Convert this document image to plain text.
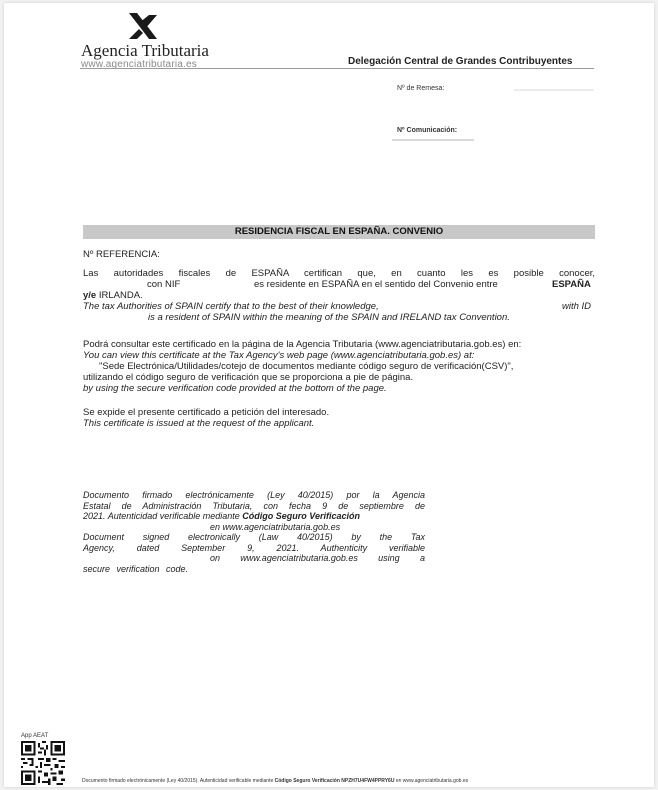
Agencia Tributaria
www.agenciatributaria.es	Delegación Central de Grandes Contribuyentes
Nº de Remesa:
Nº Comunicación:
RESIDENCIA FISCAL EN ESPAÑA. CONVENIO
Nº REFERENCIA:
Las autoridades fiscales de ESPAÑA certifican que, en cuanto les es posible conocer,
con NIF	es residente en ESPAÑA en el sentido del Convenio entre	ESPAÑA
y/e IRLANDA.
The tax Authorities of SPAIN certify that to the best of their knowledge,	with ID
is a resident of SPAIN within the meaning of the SPAIN and IRELAND tax Convention.
Podrá consultar este certificado en la página de la Agencia Tributaria (www.agenciatributaria.gob.es) en:
You can view this certificate at the Tax Agency's web page (www.agenciatributaria.gob.es) at:
"Sede Electrónica/Utilidades/cotejo de documentos mediante código seguro de verificación(CSV)",
utilizando el código seguro de verificación que se proporciona a pie de página.
by using the secure verification code provided at the bottom of the page.
Se expide el presente certificado a petición del interesado.
This certificate is issued at the request of the applicant.
Documento firmado electrónicamente (Ley 40/2015) por la Agencia
Estatal de Administración Tributaria, con fecha 9 de septiembre de
2021. Autenticidad verificable mediante Código Seguro Verificación
en www.agenciatributaria.gob.es
Document signed electronically (Law 40/2015) by the Tax
Agency, dated September 9, 2021. Authenticity verifiable
on www.agenciatributaria.gob.es using a
secure verification code.
App AEAT
Documento firmado electrónicamente (Ley 40/2015). Autenticidad verificable mediante Código Seguro Verificación NPZH7U4FW4PPRY6U en www.agenciatributaria.gob.es
